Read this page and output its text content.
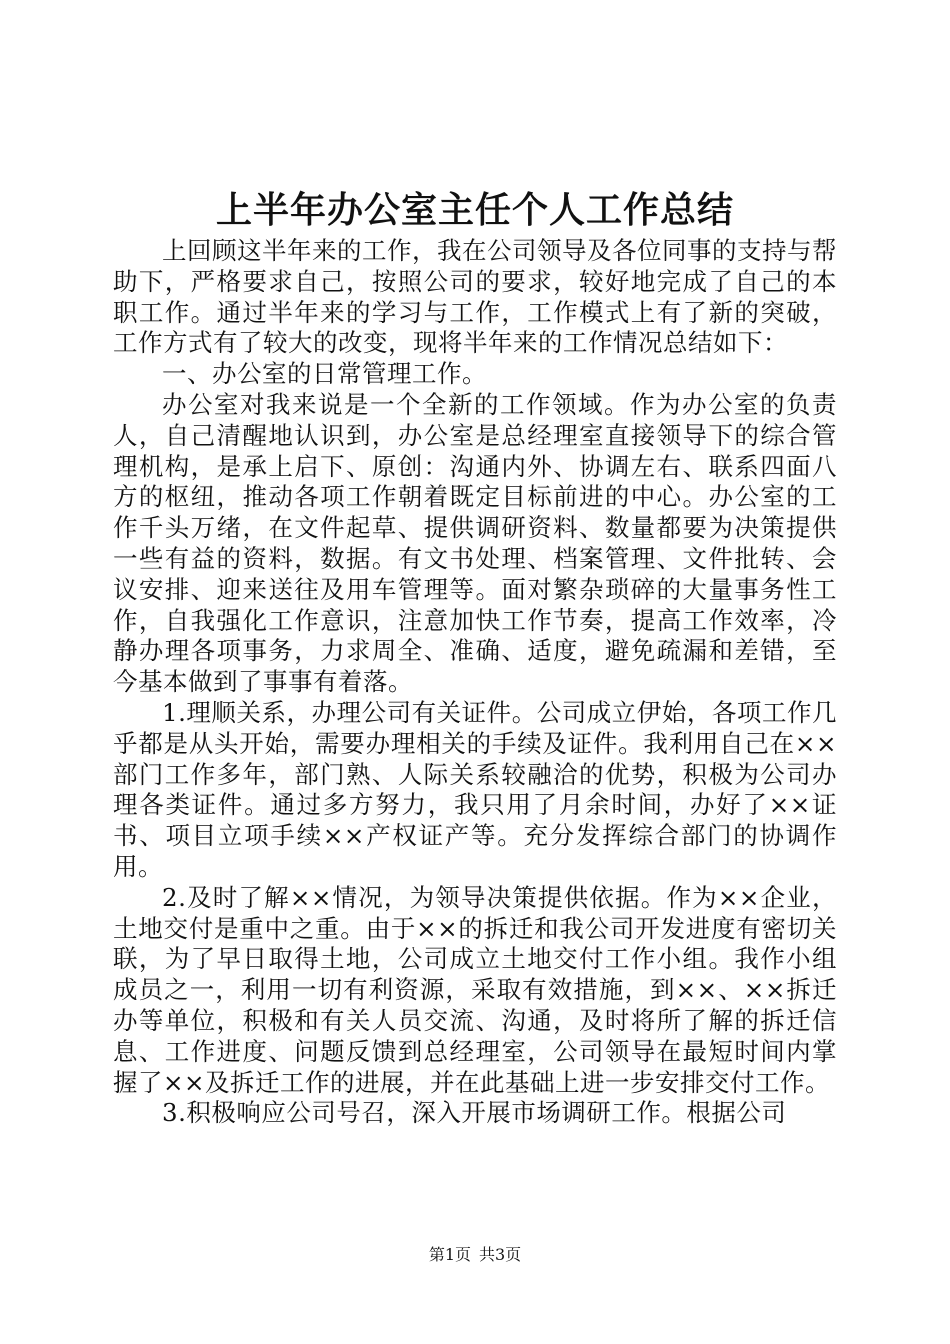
上半年办公室主任个人工作总结

上回顾这半年来的工作，我在公司领导及各位同事的支持与帮助下，严格要求自己，按照公司的要求，较好地完成了自己的本职工作。通过半年来的学习与工作，工作模式上有了新的突破，工作方式有了较大的改变，现将半年来的工作情况总结如下：

一、办公室的日常管理工作。

办公室对我来说是一个全新的工作领域。作为办公室的负责人，自己清醒地认识到，办公室是总经理室直接领导下的综合管理机构，是承上启下、原创：沟通内外、协调左右、联系四面八方的枢纽，推动各项工作朝着既定目标前进的中心。办公室的工作千头万绪，在文件起草、提供调研资料、数量都要为决策提供一些有益的资料，数据。有文书处理、档案管理、文件批转、会议安排、迎来送往及用车管理等。面对繁杂琐碎的大量事务性工作，自我强化工作意识，注意加快工作节奏，提高工作效率，冷静办理各项事务，力求周全、准确、适度，避免疏漏和差错，至今基本做到了事事有着落。

1.理顺关系，办理公司有关证件。公司成立伊始，各项工作几乎都是从头开始，需要办理相关的手续及证件。我利用自己在××部门工作多年，部门熟、人际关系较融洽的优势，积极为公司办理各类证件。通过多方努力，我只用了月余时间，办好了××证书、项目立项手续××产权证产等。充分发挥综合部门的协调作用。

2.及时了解××情况，为领导决策提供依据。作为××企业，土地交付是重中之重。由于××的拆迁和我公司开发进度有密切关联，为了早日取得土地，公司成立土地交付工作小组。我作小组成员之一，利用一切有利资源，采取有效措施，到××、××拆迁办等单位，积极和有关人员交流、沟通，及时将所了解的拆迁信息、工作进度、问题反馈到总经理室，公司领导在最短时间内掌握了××及拆迁工作的进展，并在此基础上进一步安排交付工作。

3.积极响应公司号召，深入开展市场调研工作。根据公司

第1页 共3页
